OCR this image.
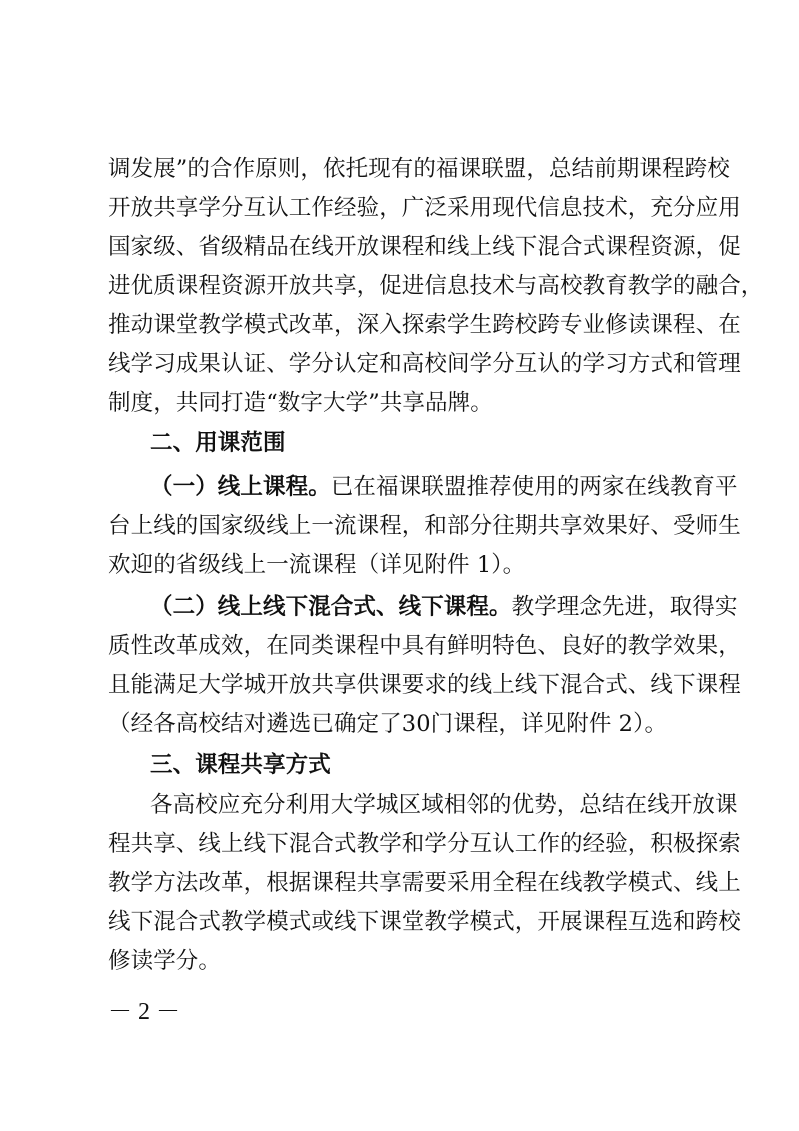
调发展”的合作原则，依托现有的福课联盟，总结前期课程跨校
开放共享学分互认工作经验，广泛采用现代信息技术，充分应用
国家级、省级精品在线开放课程和线上线下混合式课程资源，促
进优质课程资源开放共享，促进信息技术与高校教育教学的融合，
推动课堂教学模式改革，深入探索学生跨校跨专业修读课程、在
线学习成果认证、学分认定和高校间学分互认的学习方式和管理
制度，共同打造“数字大学”共享品牌。
二、用课范围
（一）线上课程。已在福课联盟推荐使用的两家在线教育平
台上线的国家级线上一流课程，和部分往期共享效果好、受师生
欢迎的省级线上一流课程（详见附件 1）。
（二）线上线下混合式、线下课程。教学理念先进，取得实
质性改革成效，在同类课程中具有鲜明特色、良好的教学效果，
且能满足大学城开放共享供课要求的线上线下混合式、线下课程
（经各高校结对遴选已确定了30门课程，详见附件 2）。
三、课程共享方式
各高校应充分利用大学城区域相邻的优势，总结在线开放课
程共享、线上线下混合式教学和学分互认工作的经验，积极探索
教学方法改革，根据课程共享需要采用全程在线教学模式、线上
线下混合式教学模式或线下课堂教学模式，开展课程互选和跨校
修读学分。
－ 2 －
